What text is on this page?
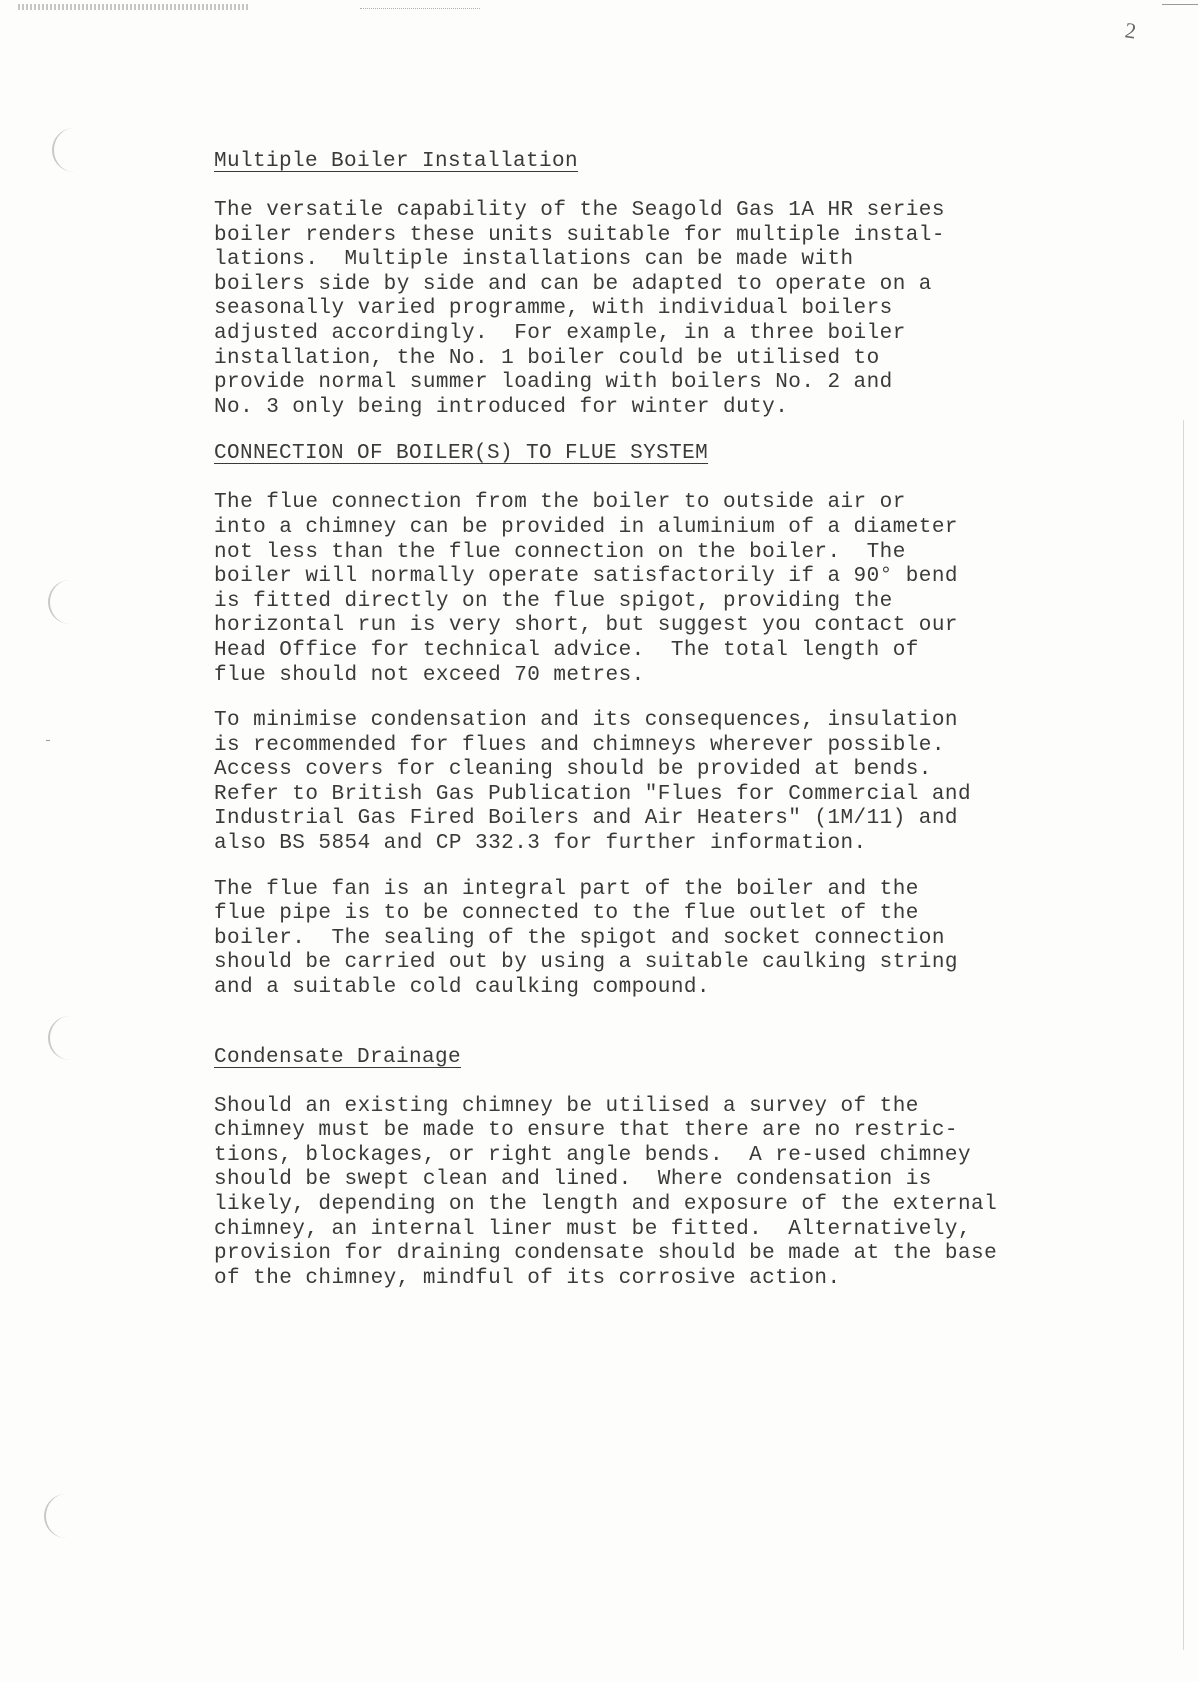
2
Multiple Boiler Installation

The versatile capability of the Seagold Gas 1A HR series
boiler renders these units suitable for multiple instal-
lations.  Multiple installations can be made with
boilers side by side and can be adapted to operate on a
seasonally varied programme, with individual boilers
adjusted accordingly.  For example, in a three boiler
installation, the No. 1 boiler could be utilised to
provide normal summer loading with boilers No. 2 and
No. 3 only being introduced for winter duty.

CONNECTION OF BOILER(S) TO FLUE SYSTEM

The flue connection from the boiler to outside air or
into a chimney can be provided in aluminium of a diameter
not less than the flue connection on the boiler.  The
boiler will normally operate satisfactorily if a 90° bend
is fitted directly on the flue spigot, providing the
horizontal run is very short, but suggest you contact our
Head Office for technical advice.  The total length of
flue should not exceed 70 metres.

To minimise condensation and its consequences, insulation
is recommended for flues and chimneys wherever possible.
Access covers for cleaning should be provided at bends.
Refer to British Gas Publication "Flues for Commercial and
Industrial Gas Fired Boilers and Air Heaters" (1M/11) and
also BS 5854 and CP 332.3 for further information.

The flue fan is an integral part of the boiler and the
flue pipe is to be connected to the flue outlet of the
boiler.  The sealing of the spigot and socket connection
should be carried out by using a suitable caulking string
and a suitable cold caulking compound.

Condensate Drainage

Should an existing chimney be utilised a survey of the
chimney must be made to ensure that there are no restric-
tions, blockages, or right angle bends.  A re-used chimney
should be swept clean and lined.  Where condensation is
likely, depending on the length and exposure of the external
chimney, an internal liner must be fitted.  Alternatively,
provision for draining condensate should be made at the base
of the chimney, mindful of its corrosive action.
